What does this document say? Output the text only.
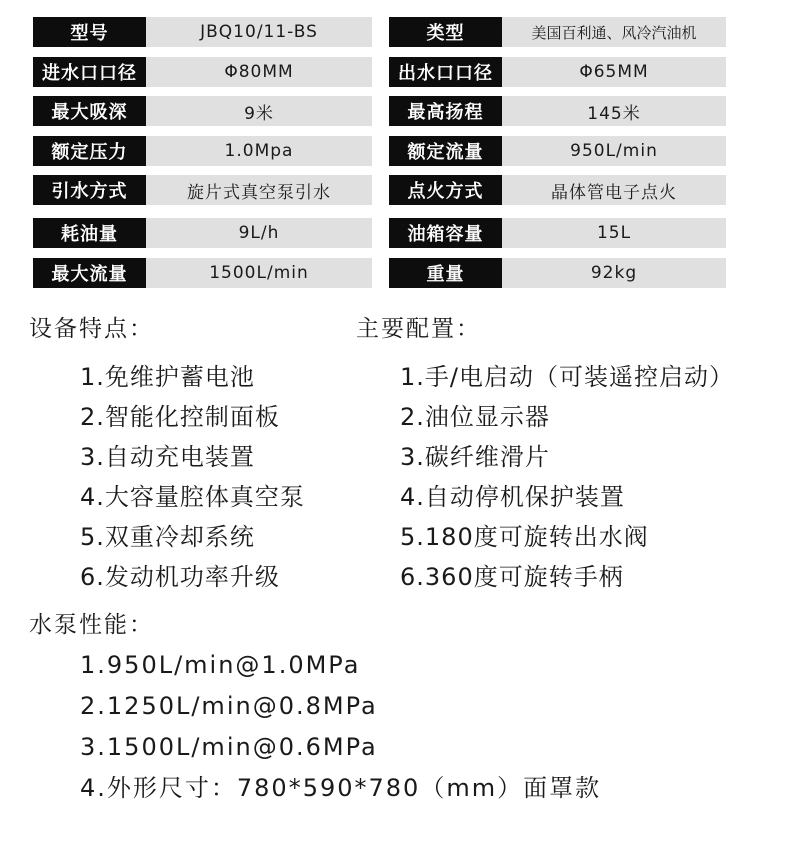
型号	JBQ10/11-BS	类型	美国百利通、风冷汽油机
进水口口径	Φ80MM	出水口口径	Φ65MM
最大吸深	9米	最高扬程	145米
额定压力	1.0Mpa	额定流量	950L/min
引水方式	旋片式真空泵引水	点火方式	晶体管电子点火
耗油量	9L/h	油箱容量	15L
最大流量	1500L/min	重量	92kg
设备特点：	主要配置：
1.免维护蓄电池
2.智能化控制面板
3.自动充电装置
4.大容量腔体真空泵
5.双重冷却系统
6.发动机功率升级
1.手/电启动（可装遥控启动）
2.油位显示器
3.碳纤维滑片
4.自动停机保护装置
5.180度可旋转出水阀
6.360度可旋转手柄
水泵性能：
1.950L/min@1.0MPa
2.1250L/min@0.8MPa
3.1500L/min@0.6MPa
4.外形尺寸：780*590*780（mm）面罩款
